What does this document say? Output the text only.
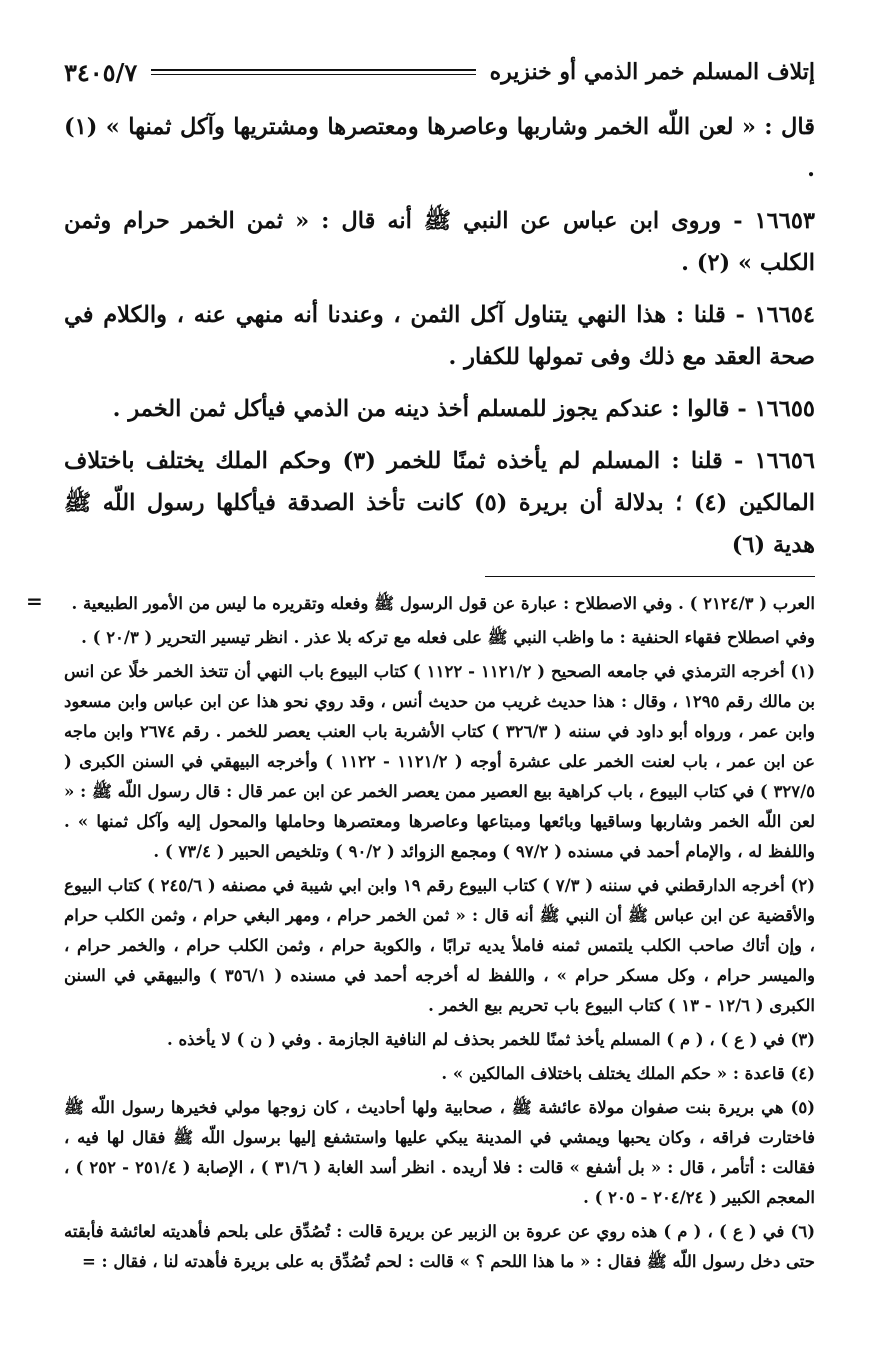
إتلاف المسلم خمر الذمي أو خنزيره
٣٤٠٥/٧

قال : « لعن اللّه الخمر وشاربها وعاصرها ومعتصرها ومشتريها وآكل ثمنها » (١) .

١٦٦٥٣ - وروى ابن عباس عن النبي ﷺ أنه قال : « ثمن الخمر حرام وثمن الكلب » (٢) .

١٦٦٥٤ - قلنا : هذا النهي يتناول آكل الثمن ، وعندنا أنه منهي عنه ، والكلام في صحة العقد مع ذلك وفى تمولها للكفار .

١٦٦٥٥ - قالوا : عندكم يجوز للمسلم أخذ دينه من الذمي فيأكل ثمن الخمر .

١٦٦٥٦ - قلنا : المسلم لم يأخذه ثمنًا للخمر (٣) وحكم الملك يختلف باختلاف المالكين (٤) ؛ بدلالة أن بريرة (٥) كانت تأخذ الصدقة فيأكلها رسول اللّه ﷺ هدية (٦)

=	العرب ( ٢١٢٤/٣ ) . وفي الاصطلاح : عبارة عن قول الرسول ﷺ وفعله وتقريره ما ليس من الأمور الطبيعية .

وفي اصطلاح فقهاء الحنفية : ما واظب النبي ﷺ على فعله مع تركه بلا عذر . انظر تيسير التحرير ( ٢٠/٣ ) .

(١) أخرجه الترمذي في جامعه الصحيح ( ١١٢١/٢ - ١١٢٢ ) كتاب البيوع باب النهي أن تتخذ الخمر خلًا عن انس بن مالك رقم ١٢٩٥ ، وقال : هذا حديث غريب من حديث أنس ، وقد روي نحو هذا عن ابن عباس وابن مسعود وابن عمر ، ورواه أبو داود في سننه ( ٣٢٦/٣ ) كتاب الأشربة باب العنب يعصر للخمر . رقم ٢٦٧٤ وابن ماجه عن ابن عمر ، باب لعنت الخمر على عشرة أوجه ( ١١٢١/٢ - ١١٢٢ ) وأخرجه البيهقي في السنن الكبرى ( ٣٢٧/٥ ) في كتاب البيوع ، باب كراهية بيع العصير ممن يعصر الخمر عن ابن عمر قال : قال رسول اللّه ﷺ : « لعن اللّه الخمر وشاربها وساقيها وبائعها ومبتاعها وعاصرها ومعتصرها وحاملها والمحول إليه وآكل ثمنها » . واللفظ له ، والإمام أحمد في مسنده ( ٩٧/٢ ) ومجمع الزوائد ( ٩٠/٢ ) وتلخيص الحبير ( ٧٣/٤ ) .

(٢) أخرجه الدارقطني في سننه ( ٧/٣ ) كتاب البيوع رقم ١٩ وابن ابي شيبة في مصنفه ( ٢٤٥/٦ ) كتاب البيوع والأقضية عن ابن عباس ﷺ أن النبي ﷺ أنه قال : « ثمن الخمر حرام ، ومهر البغي حرام ، وثمن الكلب حرام ، وإن أتاك صاحب الكلب يلتمس ثمنه فاملأ يديه ترابًا ، والكوبة حرام ، وثمن الكلب حرام ، والخمر حرام ، والميسر حرام ، وكل مسكر حرام » ، واللفظ له أخرجه أحمد في مسنده ( ٣٥٦/١ ) والبيهقي في السنن الكبرى ( ١٢/٦ - ١٣ ) كتاب البيوع باب تحريم بيع الخمر .

(٣) في ( ع ) ، ( م ) المسلم يأخذ ثمنًا للخمر بحذف لم النافية الجازمة . وفي ( ن ) لا يأخذه .

(٤) قاعدة : « حكم الملك يختلف باختلاف المالكين » .

(٥) هي بريرة بنت صفوان مولاة عائشة ﷺ ، صحابية ولها أحاديث ، كان زوجها مولي فخيرها رسول اللّه ﷺ فاختارت فراقه ، وكان يحبها ويمشي في المدينة يبكي عليها واستشفع إليها برسول اللّه ﷺ فقال لها فيه ، فقالت : أتأمر ، قال : « بل أشفع » قالت : فلا أريده . انظر أسد الغابة ( ٣١/٦ ) ، الإصابة ( ٢٥١/٤ - ٢٥٢ ) ، المعجم الكبير ( ٢٠٤/٢٤ - ٢٠٥ ) .

(٦) في ( ع ) ، ( م ) هذه روي عن عروة بن الزبير عن بريرة قالت : تُصُدِّق على بلحم فأهديته لعائشة فأبقته حتى دخل رسول اللّه ﷺ فقال : « ما هذا اللحم ؟ » قالت : لحم تُصُدِّق به على بريرة فأهدته لنا ، فقال : =
